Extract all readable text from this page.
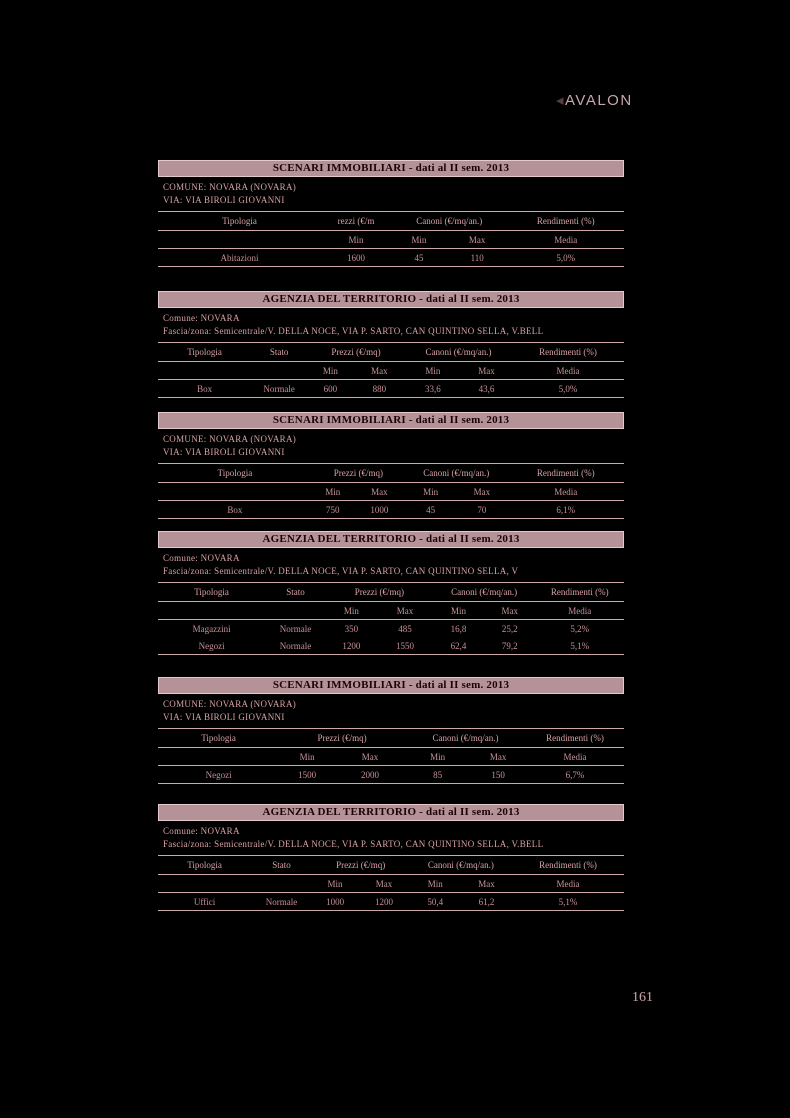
◂AVALON
SCENARI IMMOBILIARI - dati al II sem. 2013
COMUNE: NOVARA (NOVARA)
VIA: VIA BIROLI GIOVANNI
Tipologia	rezzi (€/m	Canoni (€/mq/an.)		Rendimenti (%)
	Min	Min	Max	Media
Abitazioni	1600	45	110	5,0%
AGENZIA DEL TERRITORIO - dati al II sem. 2013
Comune: NOVARA
Fascia/zona: Semicentrale/V. DELLA NOCE, VIA P. SARTO, CAN QUINTINO SELLA, V.BELL
Tipologia	Stato	Prezzi (€/mq)		Canoni (€/mq/an.)		Rendimenti (%)
		Min	Max	Min	Max	Media
Box	Normale	600	880	33,6	43,6	5,0%
SCENARI IMMOBILIARI - dati al II sem. 2013
COMUNE: NOVARA (NOVARA)
VIA: VIA BIROLI GIOVANNI
Tipologia	Prezzi (€/mq)		Canoni (€/mq/an.)		Rendimenti (%)
	Min	Max	Min	Max	Media
Box	750	1000	45	70	6,1%
AGENZIA DEL TERRITORIO - dati al II sem. 2013
Comune: NOVARA
Fascia/zona: Semicentrale/V. DELLA NOCE, VIA P. SARTO, CAN QUINTINO SELLA, V
Tipologia	Stato	Prezzi (€/mq)		Canoni (€/mq/an.)		Rendimenti (%)
		Min	Max	Min	Max	Media
Magazzini	Normale	350	485	16,8	25,2	5,2%
Negozi	Normale	1200	1550	62,4	79,2	5,1%
SCENARI IMMOBILIARI - dati al II sem. 2013
COMUNE: NOVARA (NOVARA)
VIA: VIA BIROLI GIOVANNI
Tipologia	Prezzi (€/mq)		Canoni (€/mq/an.)		Rendimenti (%)
	Min	Max	Min	Max	Media
Negozi	1500	2000	85	150	6,7%
AGENZIA DEL TERRITORIO - dati al II sem. 2013
Comune: NOVARA
Fascia/zona: Semicentrale/V. DELLA NOCE, VIA P. SARTO, CAN QUINTINO SELLA, V.BELL
Tipologia	Stato	Prezzi (€/mq)		Canoni (€/mq/an.)		Rendimenti (%)
		Min	Max	Min	Max	Media
Uffici	Normale	1000	1200	50,4	61,2	5,1%
161
